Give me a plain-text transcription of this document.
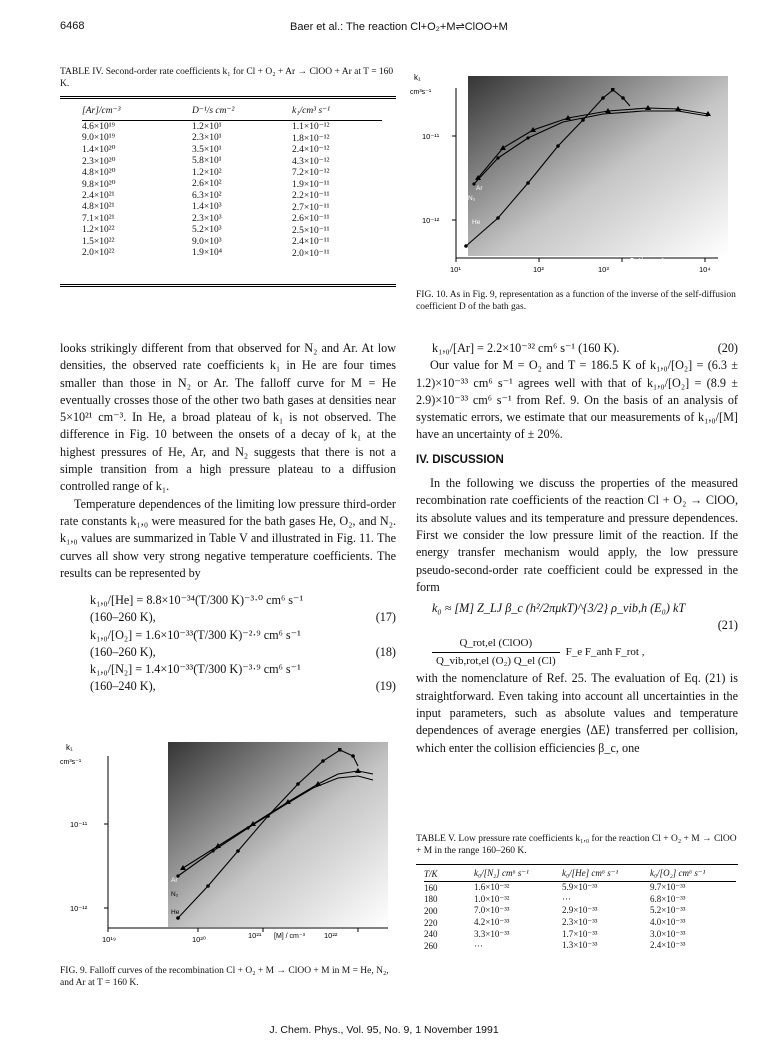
6468	Baer et al.: The reaction Cl+O₂+M⇌ClOO+M
TABLE IV. Second-order rate coefficients k₁ for Cl + O₂ + Ar → ClOO + Ar at T = 160 K.
[Ar]/cm⁻³	D⁻¹/s cm⁻²	k₁/cm³ s⁻¹
4.6×10¹⁹	1.2×10¹	1.1×10⁻¹²
9.0×10¹⁹	2.3×10¹	1.8×10⁻¹²
1.4×10²⁰	3.5×10¹	2.4×10⁻¹²
2.3×10²⁰	5.8×10¹	4.3×10⁻¹²
4.8×10²⁰	1.2×10²	7.2×10⁻¹²
9.8×10²⁰	2.6×10²	1.9×10⁻¹¹
2.4×10²¹	6.3×10²	2.2×10⁻¹¹
4.8×10²¹	1.4×10³	2.7×10⁻¹¹
7.1×10²¹	2.3×10³	2.6×10⁻¹¹
1.2×10²²	5.2×10³	2.5×10⁻¹¹
1.5×10²²	9.0×10³	2.4×10⁻¹¹
2.0×10²²	1.9×10⁴	2.0×10⁻¹¹
k₁
cm³s⁻¹
10⁻¹¹
10⁻¹²
10¹	10²	10³	10⁴
D⁻¹/s cm⁻²
Ar
N₂
He
FIG. 10. As in Fig. 9, representation as a function of the inverse of the self-diffusion coefficient D of the bath gas.

looks strikingly different from that observed for N₂ and Ar. At low densities, the observed rate coefficients k₁ in He are four times smaller than those in N₂ or Ar. The falloff curve for M = He eventually crosses those of the other two bath gases at densities near 5×10²¹ cm⁻³. In He, a broad plateau of k₁ is not observed. The difference in Fig. 10 between the onsets of a decay of k₁ at the highest pressures of He, Ar, and N₂ suggests that there is not a simple transition from a high pressure plateau to a diffusion controlled range of k₁.

Temperature dependences of the limiting low pressure third-order rate constants k₁,₀ were measured for the bath gases He, O₂, and N₂. k₁,₀ values are summarized in Table V and illustrated in Fig. 11. The curves all show very strong negative temperature coefficients. The results can be represented by

k₁,₀/[He] = 8.8×10⁻³⁴(T/300 K)⁻³·⁰ cm⁶ s⁻¹
(160–260 K),	(17)
k₁,₀/[O₂] = 1.6×10⁻³³(T/300 K)⁻²·⁹ cm⁶ s⁻¹
(160–260 K),	(18)
k₁,₀/[N₂] = 1.4×10⁻³³(T/300 K)⁻³·⁹ cm⁶ s⁻¹
(160–240 K),	(19)
k₁
cm³s⁻¹
10⁻¹¹
10⁻¹²
10¹⁹	10²⁰	10²¹	10²²
[M] / cm⁻³
Ar
N₂
He
FIG. 9. Falloff curves of the recombination Cl + O₂ + M → ClOO + M in M = He, N₂, and Ar at T = 160 K.
k₁,₀/[Ar] = 2.2×10⁻³² cm⁶ s⁻¹ (160 K).	(20)

Our value for M = O₂ and T = 186.5 K of k₁,₀/[O₂] = (6.3 ± 1.2)×10⁻³³ cm⁶ s⁻¹ agrees well with that of k₁,₀/[O₂] = (8.9 ± 2.9)×10⁻³³ cm⁶ s⁻¹ from Ref. 9. On the basis of an analysis of systematic errors, we estimate that our measurements of k₁,₀/[M] have an uncertainty of ± 20%.

IV. DISCUSSION

In the following we discuss the properties of the measured recombination rate coefficients of the reaction Cl + O₂ → ClOO, its absolute values and its temperature and pressure dependences. First we consider the low pressure limit of the reaction. If the energy transfer mechanism would apply, the low pressure pseudo-second-order rate coefficient could be expressed in the form

k₀ ≈ [M] Z_LJ β_c (h²/2πμkT)^{3/2} ρ_vib,h (E₀) kT
(21)
Q_rot,el (ClOO)
Q_vib,rot,el (O₂) Q_el (Cl)
F_e F_anh F_rot ,

with the nomenclature of Ref. 25. The evaluation of Eq. (21) is straightforward. Even taking into account all uncertainties in the input parameters, such as absolute values and temperature dependences of average energies ⟨ΔE⟩ transferred per collision, which enter the collision efficiencies β_c, one

TABLE V. Low pressure rate coefficients k₁,₀ for the reaction Cl + O₂ + M → ClOO + M in the range 160–260 K.
T/K	k₀/[N₂] cm⁶ s⁻¹	k₀/[He] cm⁶ s⁻¹	k₀/[O₂] cm⁶ s⁻¹
160	1.6×10⁻³²	5.9×10⁻³³	9.7×10⁻³³
180	1.0×10⁻³²	···	6.8×10⁻³³
200	7.0×10⁻³³	2.9×10⁻³³	5.2×10⁻³³
220	4.2×10⁻³³	2.3×10⁻³³	4.0×10⁻³³
240	3.3×10⁻³³	1.7×10⁻³³	3.0×10⁻³³
260	···	1.3×10⁻³³	2.4×10⁻³³
J. Chem. Phys., Vol. 95, No. 9, 1 November 1991
